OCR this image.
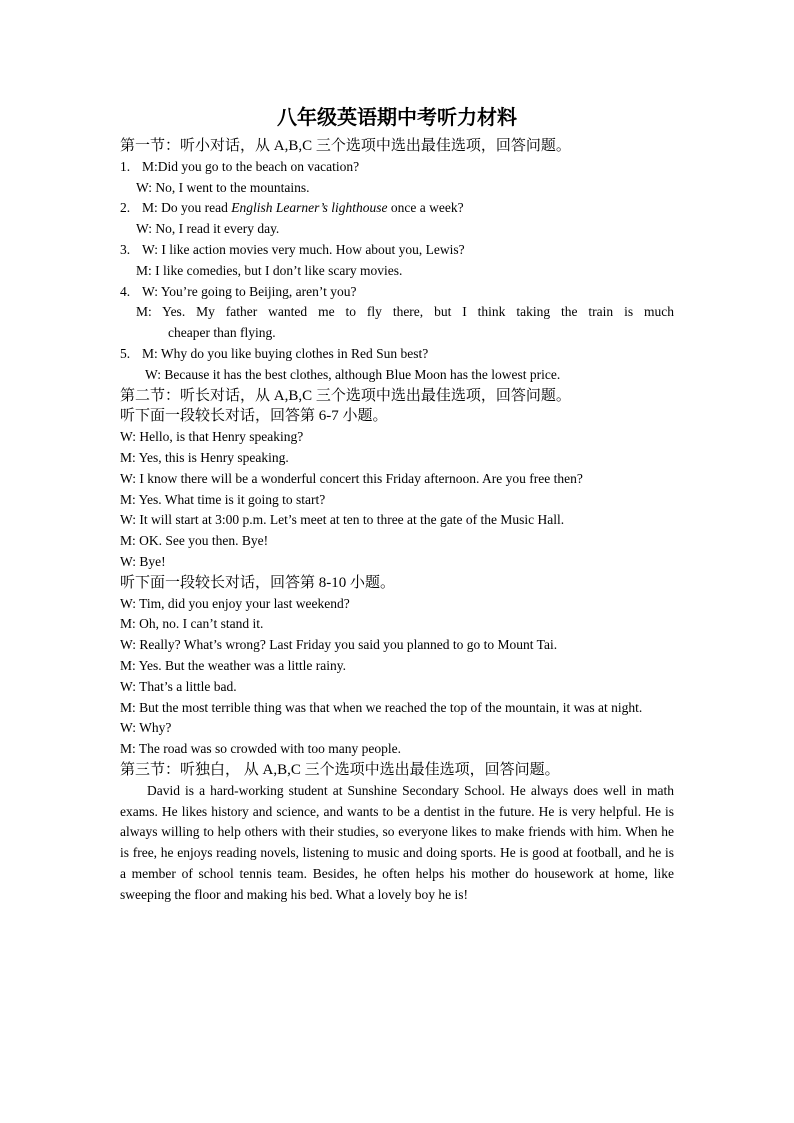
八年级英语期中考听力材料
第一节：听小对话，从 A,B,C 三个选项中选出最佳选项，回答问题。
1. M:Did you go to the beach on vacation?
W: No, I went to the mountains.
2. M: Do you read English Learner’s lighthouse once a week?
W: No, I read it every day.
3. W: I like action movies very much. How about you, Lewis?
M: I like comedies, but I don’t like scary movies.
4. W: You’re going to Beijing, aren’t you?
M: Yes. My father wanted me to fly there, but I think taking the train is much
cheaper than flying.
5. M: Why do you like buying clothes in Red Sun best?
W: Because it has the best clothes, although Blue Moon has the lowest price.
第二节：听长对话，从 A,B,C 三个选项中选出最佳选项，回答问题。
听下面一段较长对话，回答第 6-7 小题。
W: Hello, is that Henry speaking?
M: Yes, this is Henry speaking.
W: I know there will be a wonderful concert this Friday afternoon. Are you free then?
M: Yes. What time is it going to start?
W: It will start at 3:00 p.m. Let’s meet at ten to three at the gate of the Music Hall.
M: OK. See you then. Bye!
W: Bye!
听下面一段较长对话，回答第 8-10 小题。
W: Tim, did you enjoy your last weekend?
M: Oh, no. I can’t stand it.
W: Really? What’s wrong? Last Friday you said you planned to go to Mount Tai.
M: Yes. But the weather was a little rainy.
W: That’s a little bad.

M: But the most terrible thing was that when we reached the top of the mountain, it was at night.

W: Why?
M: The road was so crowded with too many people.
第三节：听独白， 从 A,B,C 三个选项中选出最佳选项，回答问题。

David is a hard-working student at Sunshine Secondary School. He always does well in math exams. He likes history and science, and wants to be a dentist in the future. He is very helpful. He is always willing to help others with their studies, so everyone likes to make friends with him. When he is free, he enjoys reading novels, listening to music and doing sports. He is good at football, and he is a member of school tennis team. Besides, he often helps his mother do housework at home, like sweeping the floor and making his bed. What a lovely boy he is!
